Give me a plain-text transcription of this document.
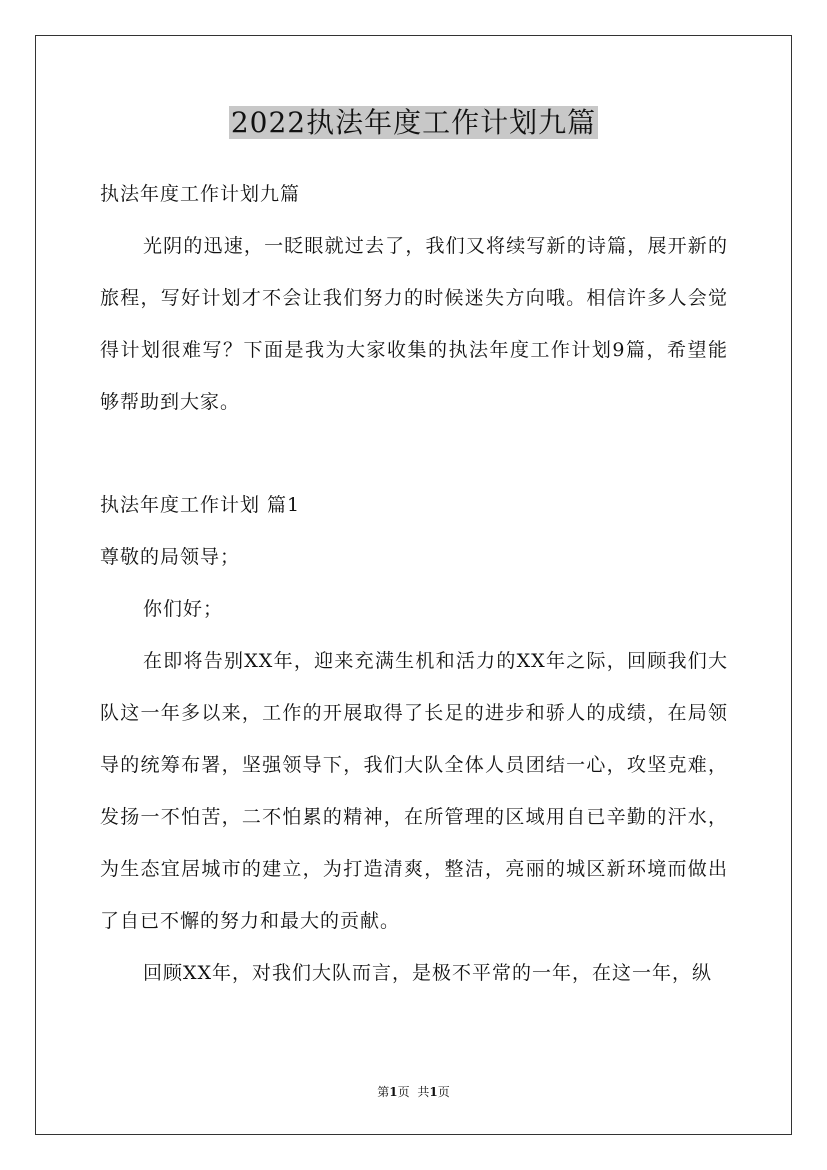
2022执法年度工作计划九篇

执法年度工作计划九篇

光阴的迅速，一眨眼就过去了，我们又将续写新的诗篇，展开新的旅程，写好计划才不会让我们努力的时候迷失方向哦。相信许多人会觉得计划很难写？下面是我为大家收集的执法年度工作计划9篇，希望能够帮助到大家。

执法年度工作计划 篇1

尊敬的局领导；

你们好；

在即将告别XX年，迎来充满生机和活力的XX年之际，回顾我们大队这一年多以来，工作的开展取得了长足的进步和骄人的成绩，在局领导的统筹布署，坚强领导下，我们大队全体人员团结一心，攻坚克难，发扬一不怕苦，二不怕累的精神，在所管理的区域用自已辛勤的汗水，为生态宜居城市的建立，为打造清爽，整洁，亮丽的城区新环境而做出了自已不懈的努力和最大的贡献。

回顾XX年，对我们大队而言，是极不平常的一年，在这一年，纵

第1页 共1页
